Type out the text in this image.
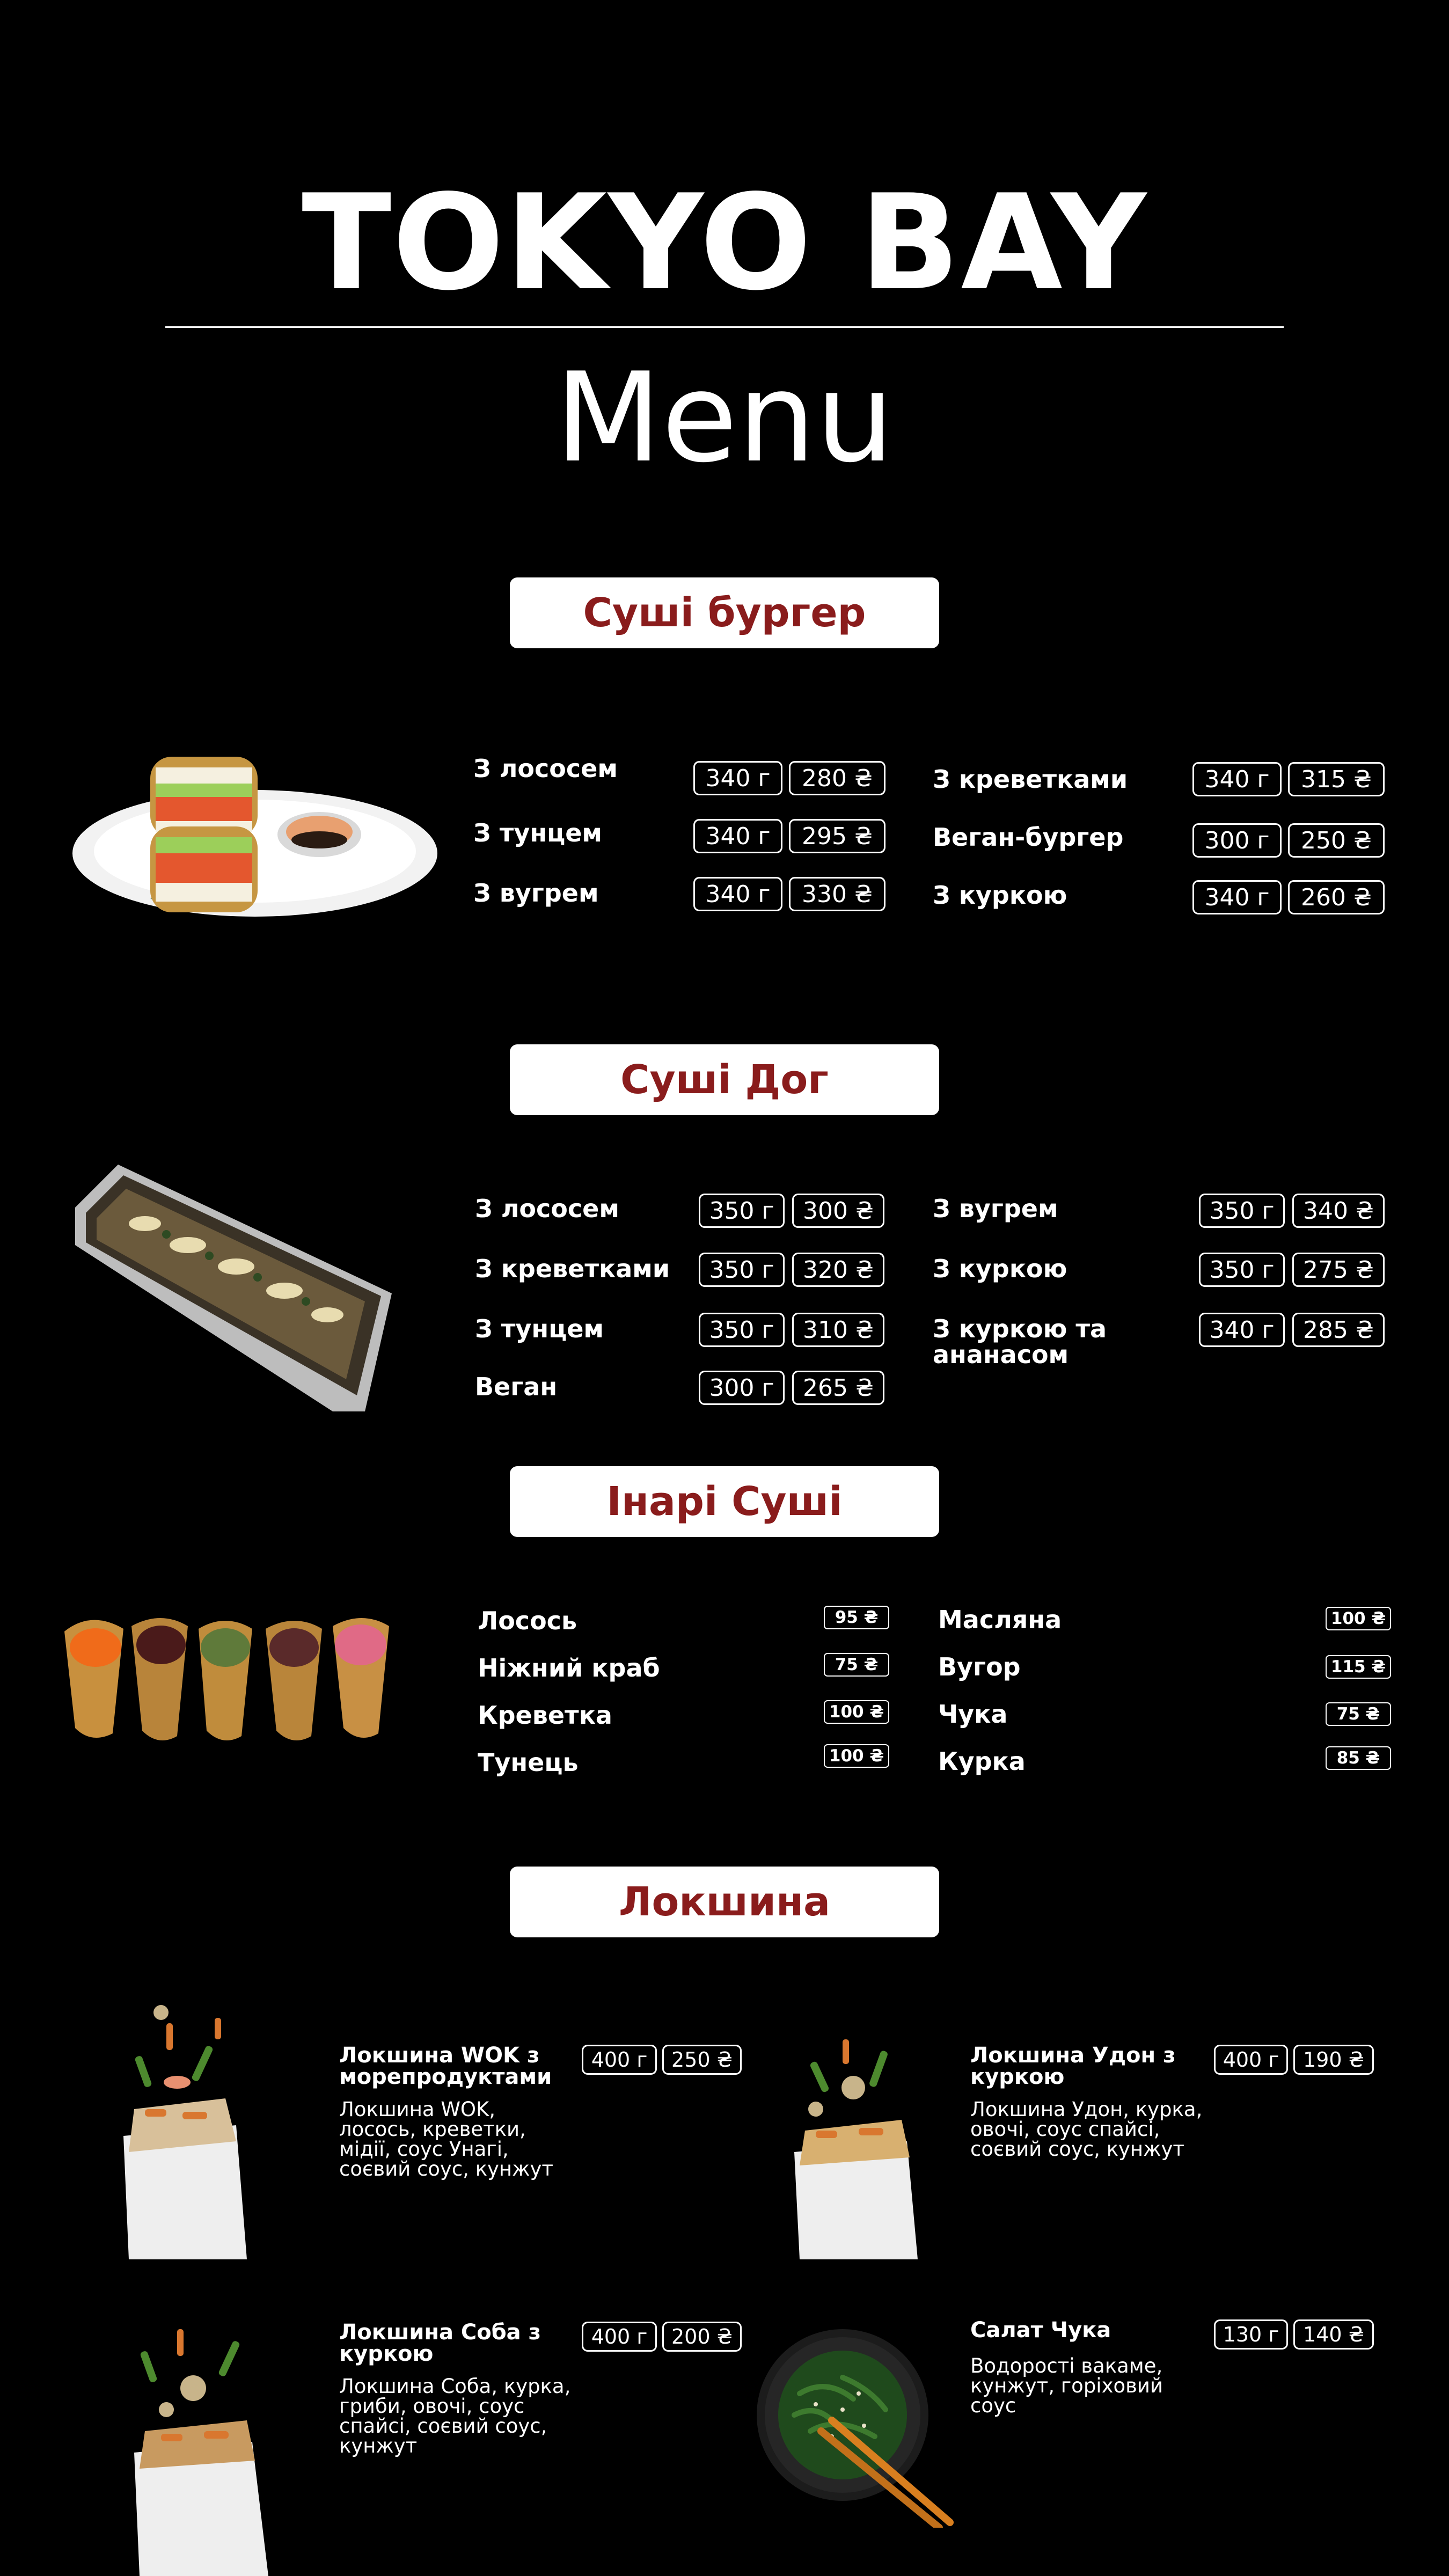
TOKYO BAY
Menu
Суші бургер
З лососем	340 г	280 ₴
З тунцем	340 г	295 ₴
З вугрем	340 г	330 ₴
З креветками	340 г	315 ₴
Веган-бургер	300 г	250 ₴
З куркою	340 г	260 ₴
Суші Дог
З лососем	350 г	300 ₴
З креветками	350 г	320 ₴
З тунцем	350 г	310 ₴
Веган	300 г	265 ₴
З вугрем	350 г	340 ₴
З куркою	350 г	275 ₴
З куркою та
ананасом
340 г	285 ₴
Інарі Суші
Лосось	95 ₴
Ніжний краб	75 ₴
Креветка	100 ₴
Тунець	100 ₴
Масляна	100 ₴
Вугор	115 ₴
Чука	75 ₴
Курка	85 ₴
Локшина
Локшина WOK з
морепродуктами
Локшина WOK,
лосось, креветки,
мідії, соус Унагі,
соєвий соус, кунжут
400 г	250 ₴	Локшина Удон з
куркою
Локшина Удон, курка,
овочі, соус спайсі,
соєвий соус, кунжут
400 г	190 ₴
Локшина Соба з
куркою
Локшина Соба, курка,
гриби, овочі, соус
спайсі, соєвий соус,
кунжут
400 г	200 ₴	Салат Чука
Водорості вакаме,
кунжут, горіховий
соус
130 г	140 ₴
